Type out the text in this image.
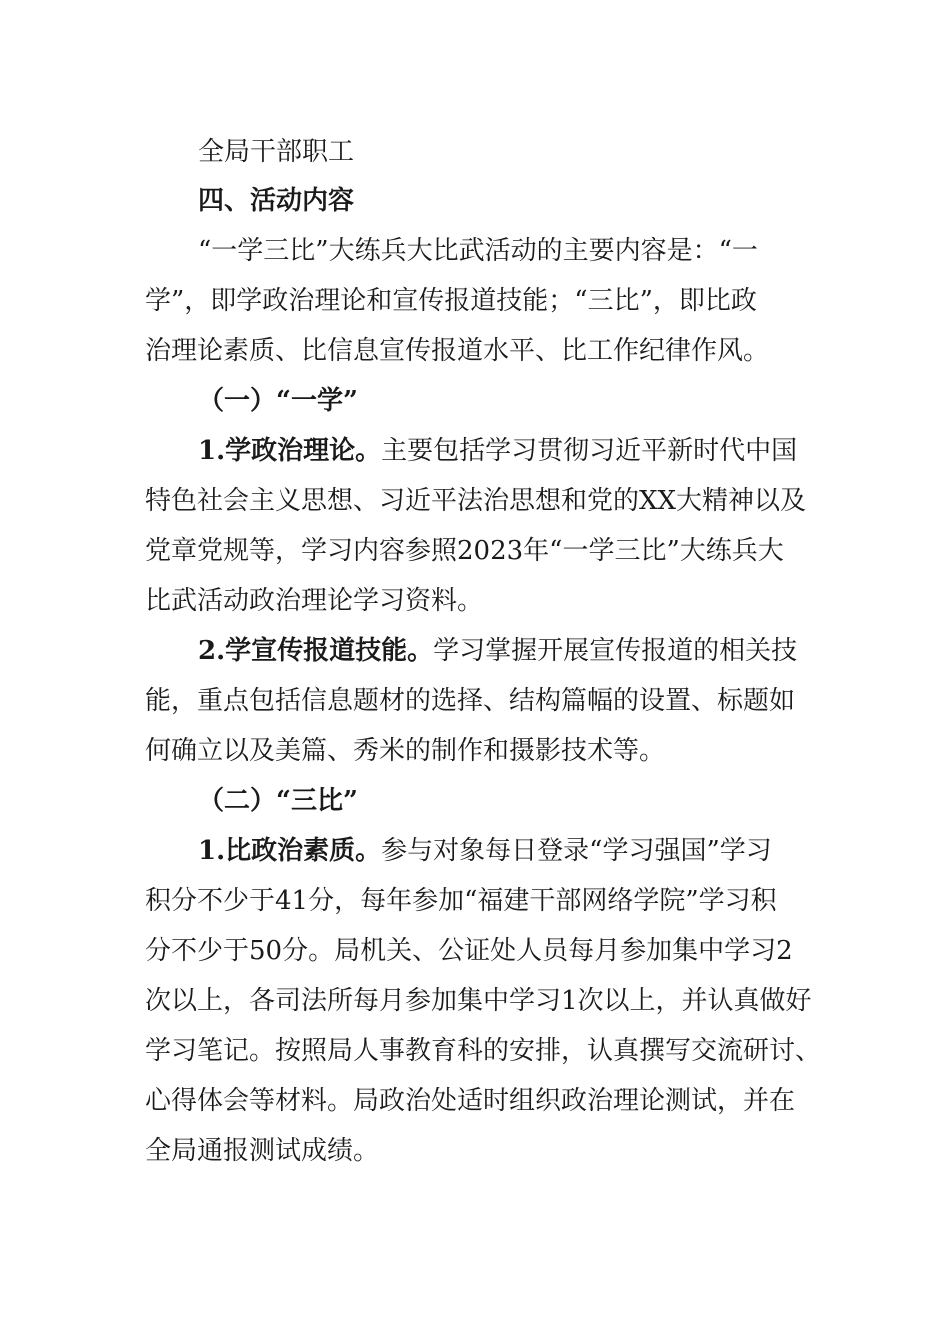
全局干部职工
四、活动内容
“一学三比”大练兵大比武活动的主要内容是：“一
学”，即学政治理论和宣传报道技能；“三比”，即比政
治理论素质、比信息宣传报道水平、比工作纪律作风。
（一）“一学”
1.学政治理论。主要包括学习贯彻习近平新时代中国
特色社会主义思想、习近平法治思想和党的XX大精神以及
党章党规等，学习内容参照2023年“一学三比”大练兵大
比武活动政治理论学习资料。
2.学宣传报道技能。学习掌握开展宣传报道的相关技
能，重点包括信息题材的选择、结构篇幅的设置、标题如
何确立以及美篇、秀米的制作和摄影技术等。
（二）“三比”
1.比政治素质。参与对象每日登录“学习强国”学习
积分不少于41分，每年参加“福建干部网络学院”学习积
分不少于50分。局机关、公证处人员每月参加集中学习2
次以上，各司法所每月参加集中学习1次以上，并认真做好
学习笔记。按照局人事教育科的安排，认真撰写交流研讨、
心得体会等材料。局政治处适时组织政治理论测试，并在
全局通报测试成绩。
